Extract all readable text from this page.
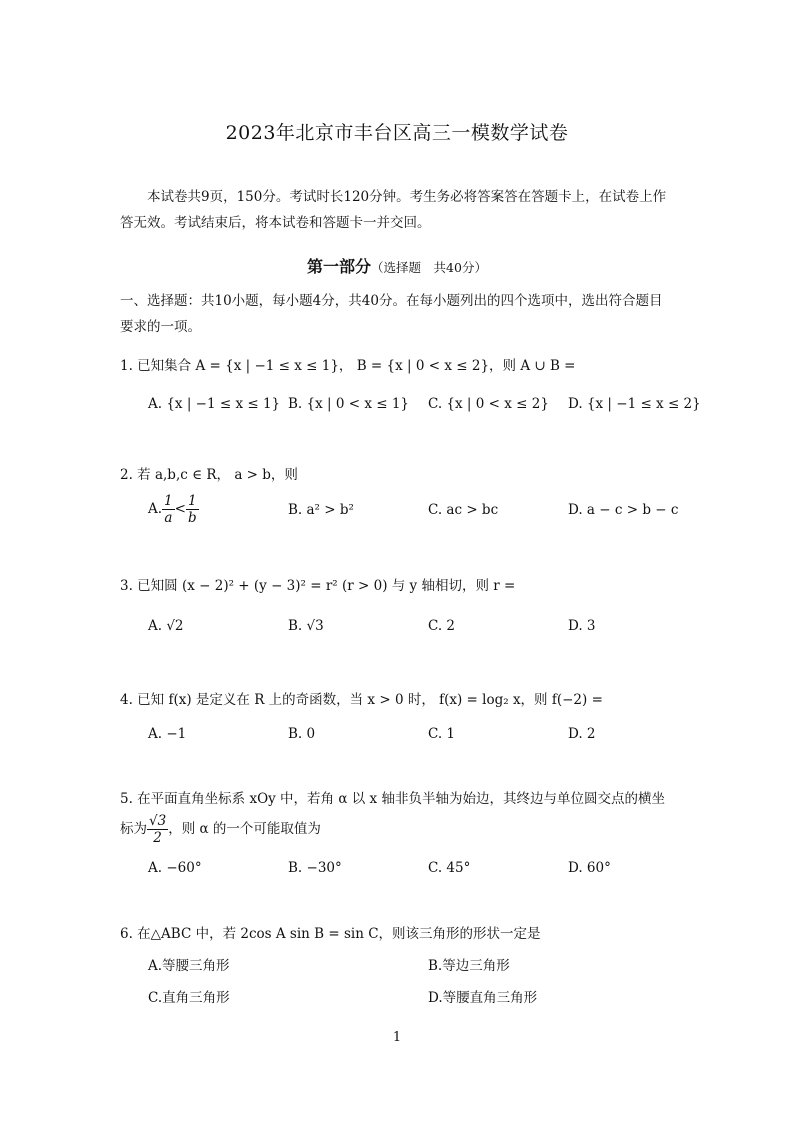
2023年北京市丰台区高三一模数学试卷
本试卷共9页，150分。考试时长120分钟。考生务必将答案答在答题卡上，在试卷上作答无效。考试结束后，将本试卷和答题卡一并交回。
第一部分（选择题　共40分）
一、选择题：共10小题，每小题4分，共40分。在每小题列出的四个选项中，选出符合题目要求的一项。
1. 已知集合 A = {x | −1 ≤ x ≤ 1}， B = {x | 0 < x ≤ 2}，则 A ∪ B =
A. {x | −1 ≤ x ≤ 1} B. {x | 0 < x ≤ 1} C. {x | 0 < x ≤ 2} D. {x | −1 ≤ x ≤ 2}
2. 若 a,b,c ∈ R， a > b，则
A. $\frac{1}{a} < \frac{1}{b}$	B. a² > b²	C. ac > bc	D. a − c > b − c
3. 已知圆 (x − 2)² + (y − 3)² = r² (r > 0) 与 y 轴相切，则 r =
A. √2	B. √3	C. 2	D. 3
4. 已知 f(x) 是定义在 R 上的奇函数，当 x > 0 时， f(x) = log₂ x，则 f(−2) =
A. −1	B. 0	C. 1	D. 2
5. 在平面直角坐标系 xOy 中，若角 α 以 x 轴非负半轴为始边，其终边与单位圆交点的横坐
标为 $\frac{√3}{2}$ ，则 α 的一个可能取值为
A. −60°	B. −30°	C. 45°	D. 60°
6. 在△ABC 中，若 2cos A sin B = sin C，则该三角形的形状一定是
A.等腰三角形	B.等边三角形
C.直角三角形	D.等腰直角三角形
1
